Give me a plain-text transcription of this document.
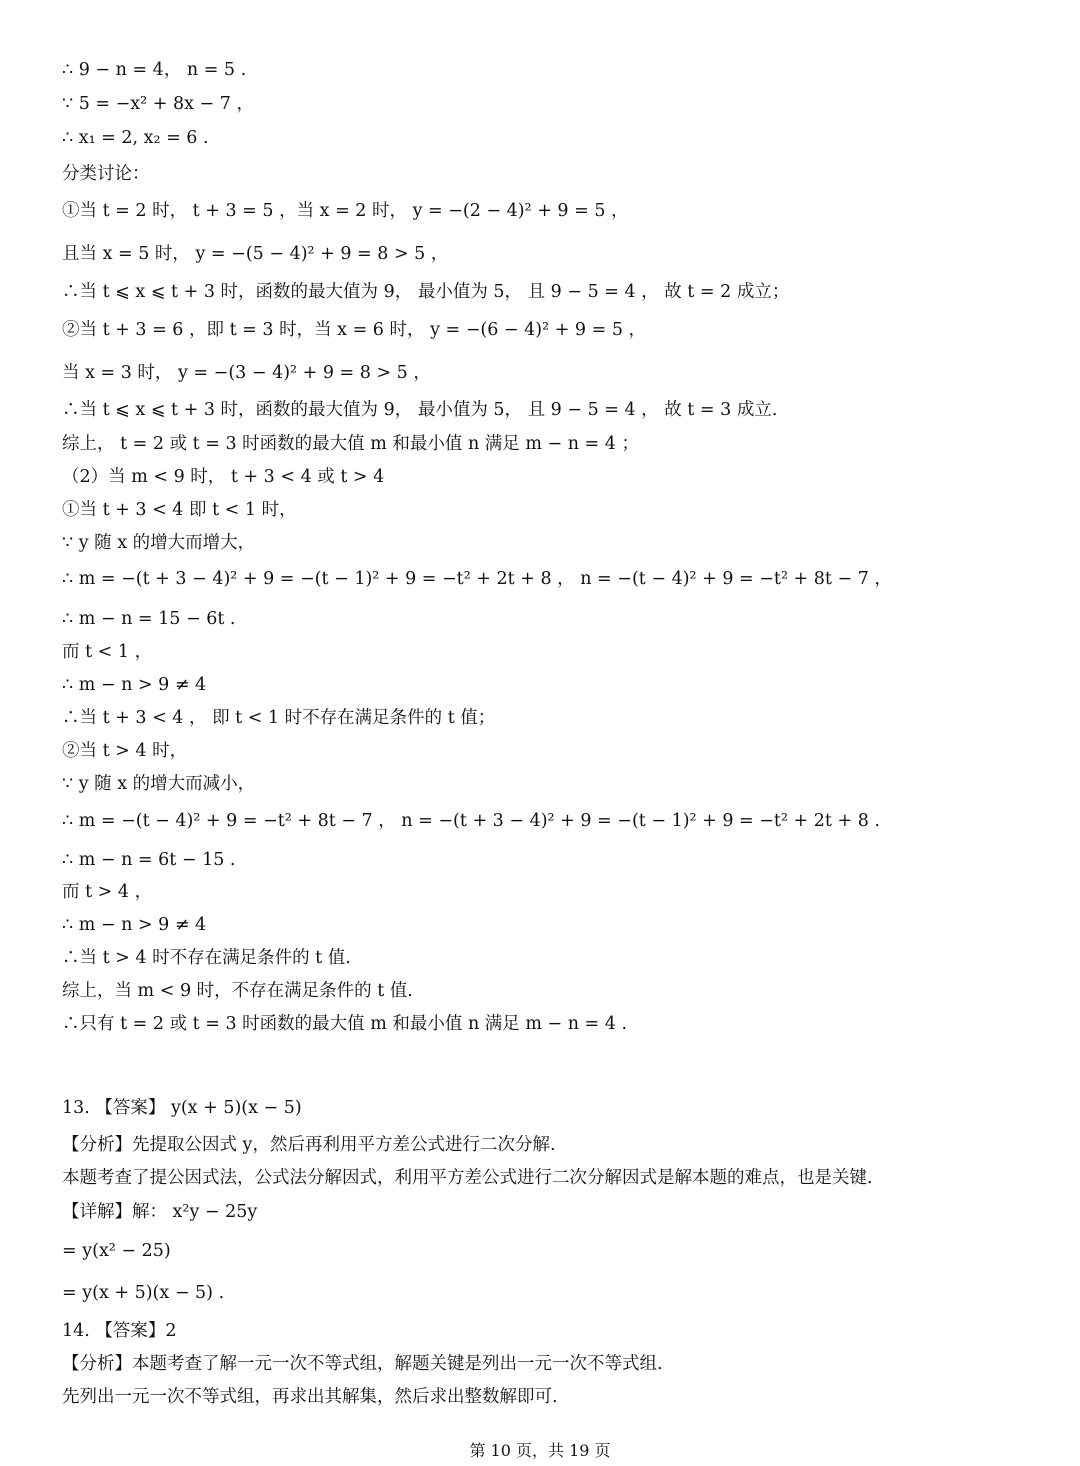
∴ 9 − n = 4， n = 5 .
∵ 5 = −x² + 8x − 7 ，
∴ x₁ = 2, x₂ = 6 .
分类讨论：
①当 t = 2 时， t + 3 = 5 ，当 x = 2 时， y = −(2 − 4)² + 9 = 5 ，
且当 x = 5 时， y = −(5 − 4)² + 9 = 8 > 5 ，
∴当 t ⩽ x ⩽ t + 3 时，函数的最大值为 9， 最小值为 5， 且 9 − 5 = 4 ， 故 t = 2 成立；
②当 t + 3 = 6 ，即 t = 3 时，当 x = 6 时， y = −(6 − 4)² + 9 = 5 ，
当 x = 3 时， y = −(3 − 4)² + 9 = 8 > 5 ，
∴当 t ⩽ x ⩽ t + 3 时，函数的最大值为 9， 最小值为 5， 且 9 − 5 = 4 ， 故 t = 3 成立.
综上， t = 2 或 t = 3 时函数的最大值 m 和最小值 n 满足 m − n = 4 ；
（2）当 m < 9 时， t + 3 < 4 或 t > 4
①当 t + 3 < 4 即 t < 1 时，
∵ y 随 x 的增大而增大，
∴ m = −(t + 3 − 4)² + 9 = −(t − 1)² + 9 = −t² + 2t + 8 ， n = −(t − 4)² + 9 = −t² + 8t − 7 ，
∴ m − n = 15 − 6t .
而 t < 1 ，
∴ m − n > 9 ≠ 4
∴当 t + 3 < 4 ， 即 t < 1 时不存在满足条件的 t 值；
②当 t > 4 时，
∵ y 随 x 的增大而减小，
∴ m = −(t − 4)² + 9 = −t² + 8t − 7 ， n = −(t + 3 − 4)² + 9 = −(t − 1)² + 9 = −t² + 2t + 8 .
∴ m − n = 6t − 15 .
而 t > 4 ，
∴ m − n > 9 ≠ 4
∴当 t > 4 时不存在满足条件的 t 值.
综上，当 m < 9 时，不存在满足条件的 t 值.
∴只有 t = 2 或 t = 3 时函数的最大值 m 和最小值 n 满足 m − n = 4 .
13. 【答案】 y(x + 5)(x − 5)
【分析】先提取公因式 y，然后再利用平方差公式进行二次分解.
本题考查了提公因式法，公式法分解因式，利用平方差公式进行二次分解因式是解本题的难点，也是关键.
【详解】解： x²y − 25y
= y(x² − 25)
= y(x + 5)(x − 5) .
14. 【答案】2
【分析】本题考查了解一元一次不等式组，解题关键是列出一元一次不等式组.
先列出一元一次不等式组，再求出其解集，然后求出整数解即可.
第 10 页，共 19 页
